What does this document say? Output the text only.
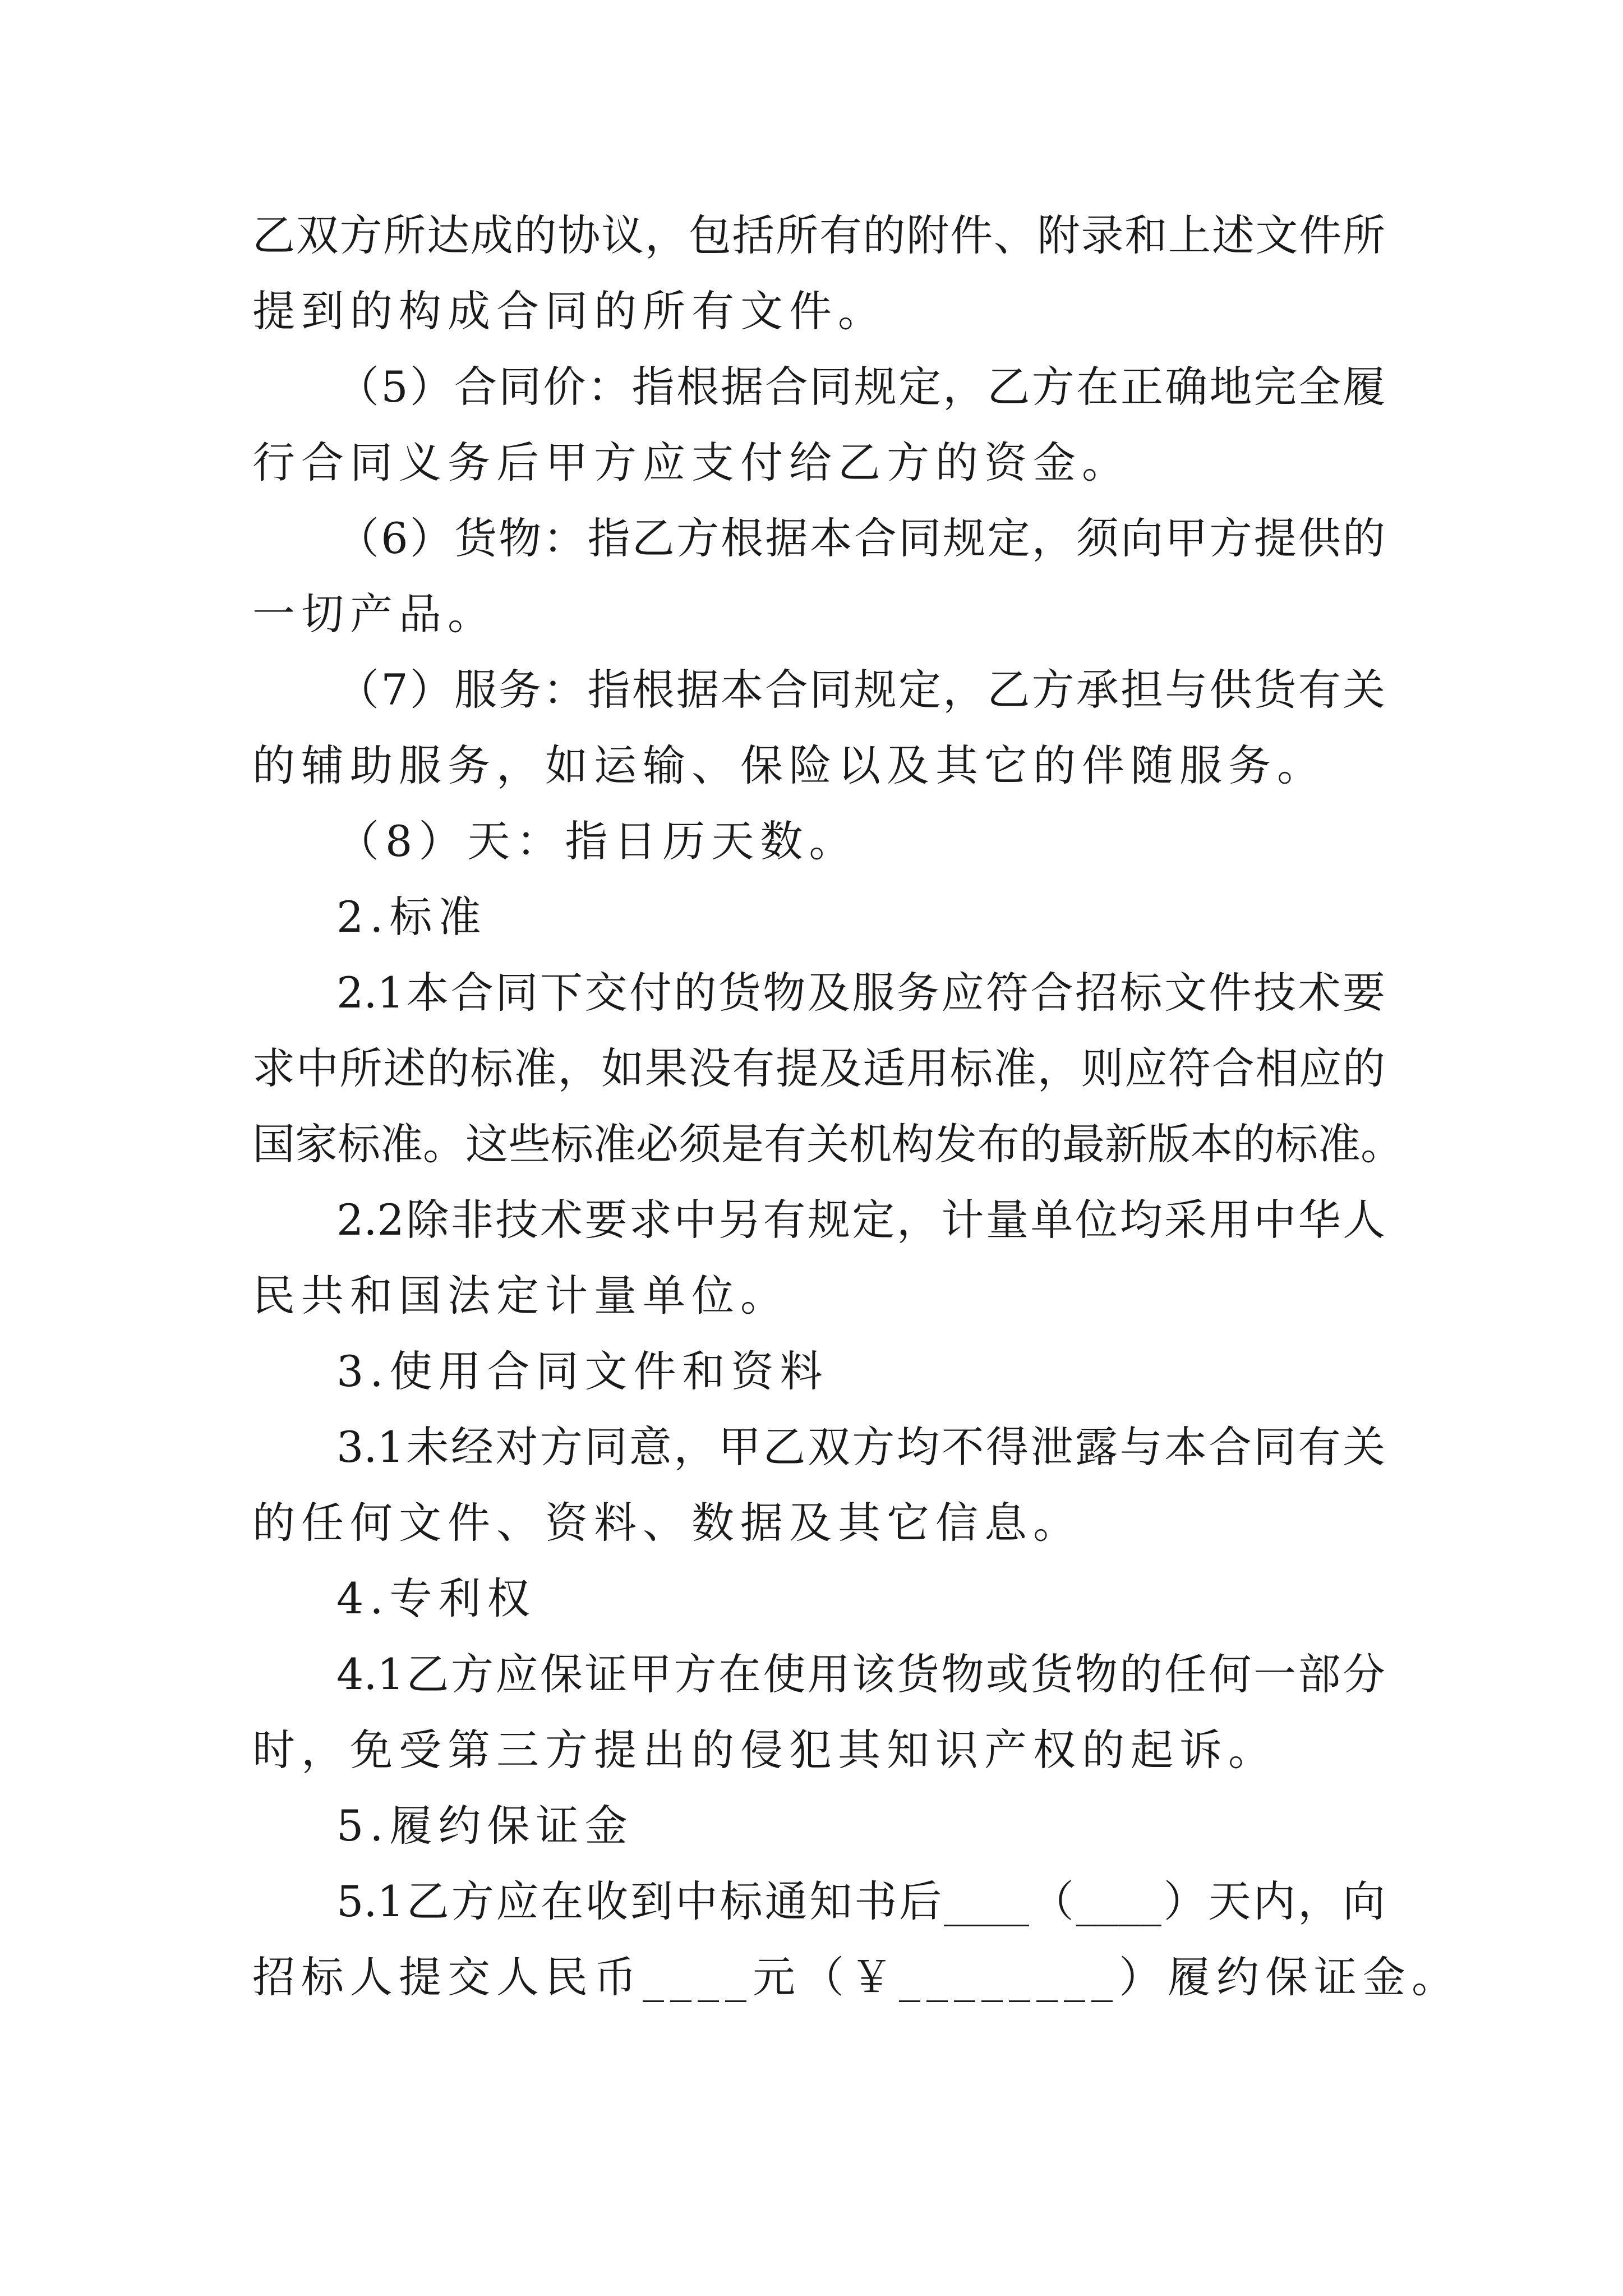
乙双方所达成的协议，包括所有的附件、附录和上述文件所
提到的构成合同的所有文件。
（5）合同价：指根据合同规定，乙方在正确地完全履
行合同义务后甲方应支付给乙方的资金。
（6）货物：指乙方根据本合同规定，须向甲方提供的
一切产品。
（7）服务：指根据本合同规定，乙方承担与供货有关
的辅助服务，如运输、保险以及其它的伴随服务。
（8）天：指日历天数。
2.标准
2.1本合同下交付的货物及服务应符合招标文件技术要
求中所述的标准，如果没有提及适用标准，则应符合相应的
国家标准。这些标准必须是有关机构发布的最新版本的标准。
2.2除非技术要求中另有规定，计量单位均采用中华人
民共和国法定计量单位。
3.使用合同文件和资料
3.1未经对方同意，甲乙双方均不得泄露与本合同有关
的任何文件、资料、数据及其它信息。
4.专利权
4.1乙方应保证甲方在使用该货物或货物的任何一部分
时，免受第三方提出的侵犯其知识产权的起诉。
5.履约保证金
5.1乙方应在收到中标通知书后____（____）天内，向
招标人提交人民币____元（￥________）履约保证金。
